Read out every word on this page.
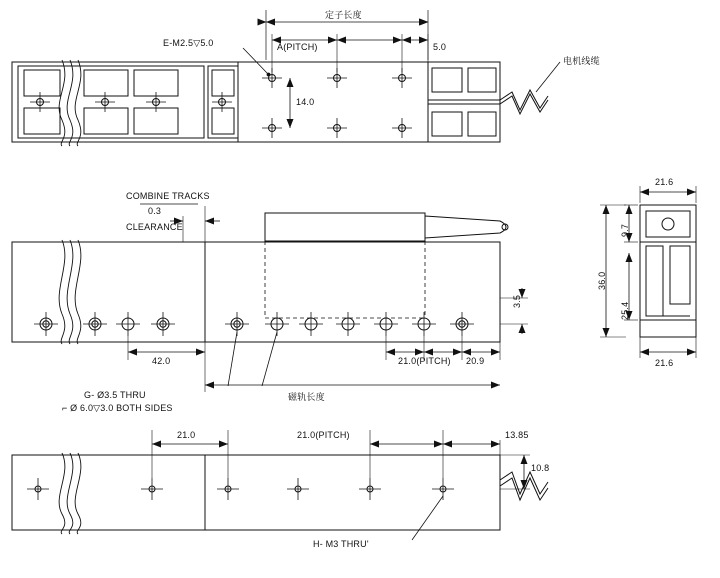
定子长度
E-M2.5▽5.0	A(PITCH)	5.0
14.0
电机线缆
COMBINE TRACKS
0.3
CLEARANCE
42.0	21.0(PITCH) 20.9
3.5
磁轨长度
G- Ø3.5 THRU
⌐ Ø 6.0▽3.0 BOTH SIDES
21.6
9.7
36.0
25.4
21.6
21.0	21.0(PITCH)	13.85
10.8
H- M3 THRU'
